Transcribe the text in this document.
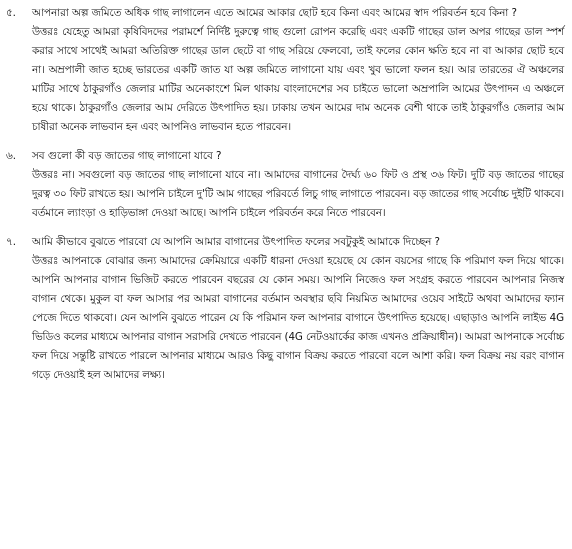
৫.	আপনারা অল্প জমিতে অধিক গাছ লাগালেন এতে আমের আকার ছোট হবে কিনা এবং আমের স্বাদ পরিবর্তন হবে কিনা ?

উত্তরঃ যেহেতু আমরা কৃষিবিদদের পরামর্শে নির্দিষ্ট দুরুত্বে গাছ গুলো রোপন করেছি এবং একটি গাছের ডাল অপর গাছের ডাল স্পর্শ করার সাথে সাথেই আমরা অতিরিক্ত গাছের ডাল ছেটে বা গাছ সরিয়ে ফেলবো, তাই ফলের কোন ক্ষতি হবে না বা আকার ছোট হবে না। অম্রপালী জাত হচ্ছে ভারতের একটি জাত যা অল্প জমিতে লাগানো যায় এবং খুব ভালো ফলন হয়। আর তারতের ঐ অঞ্চলের মাটির সাথে ঠাকুরগাঁও জেলার মাটির অনেকাংশে মিল থাকায় বাংলাদেশের সব চাইতে ভালো অম্রপালি আমের উৎপাদন এ অঞ্চলে হয়ে থাকে। ঠাকুরগাঁও জেলার আম দেরিতে উৎপাদিত হয়। ঢাকায় তখন আমের দাম অনেক বেশী থাকে তাই ঠাকুরগাঁও জেলার আম চাষীরা অনেক লাভবান হন এবং আপনিও লাভবান হতে পারবেন।

৬.	সব গুলো কী বড় জাতের গাছ লাগানো যাবে ?

উত্তরঃ না। সবগুলো বড় জাতের গাছ লাগানো যাবে না। আমাদের বাগানের দৈর্ঘ্য ৬০ ফিট ও প্রস্থ ৩৬ ফিট। দুটি বড় জাতের গাছের দুরত্ব ৩০ ফিট রাখতে হয়। আপনি চাইলে দু'টি আম গাছের পরিবর্তে লিচু গাছ লাগাতে পারবেন। বড় জাতের গাছ সর্বোচ্চ দুইটি থাকবে। বর্তমানে ল্যাংড়া ও হাড়িভাঙ্গা দেওয়া আছে। আপনি চাইলে পরিবর্তন করে নিতে পারবেন।

৭.	আমি কীভাবে বুঝতে পারবো যে আপনি আমার বাগানের উৎপাদিত ফলের সবটুকুই আমাকে দিচ্ছেন ?

উত্তরঃ আপনাকে বোঝার জন্য আমাদের ক্রেমিয়ারে একটি ধারনা দেওয়া হয়েছে যে কোন বয়সের গাছে কি পরিমাণ ফল দিয়ে থাকে। আপনি আপনার বাগান ভিজিট করতে পারবেন বছরের যে কোন সময়। আপনি নিজেও ফল সংগ্রহ করতে পারবেন আপনার নিজস্ব বাগান থেকে। মুকুল বা ফল আসার পর আমরা বাগানের বর্তমান অবস্থার ছবি নিয়মিত আমাদের ওয়েব সাইটে অথবা আমাদের ফ্যান পেজে দিতে থাকবো। যেন আপনি বুঝতে পারেন যে কি পরিমান ফল আপনার বাগানে উৎপাদিত হয়েছে। এছাড়াও আপনি লাইভ 4G ভিডিও কলের মাধ্যমে আপনার বাগান সরাসরি দেখতে পারবেন (4G নেটওয়ার্কের কাজ এখনও প্রক্রিয়াধীন)। আমরা আপনাকে সর্বোচ্চ ফল দিয়ে সন্তুষ্টি রাখতে পারলে আপনার মাধ্যমে আরও কিছু বাগান বিক্রয় করতে পারবো বলে আশা করি। ফল বিক্রয় নয় বরং বাগান গড়ে দেওয়াই হল আমাদের লক্ষ্য।
